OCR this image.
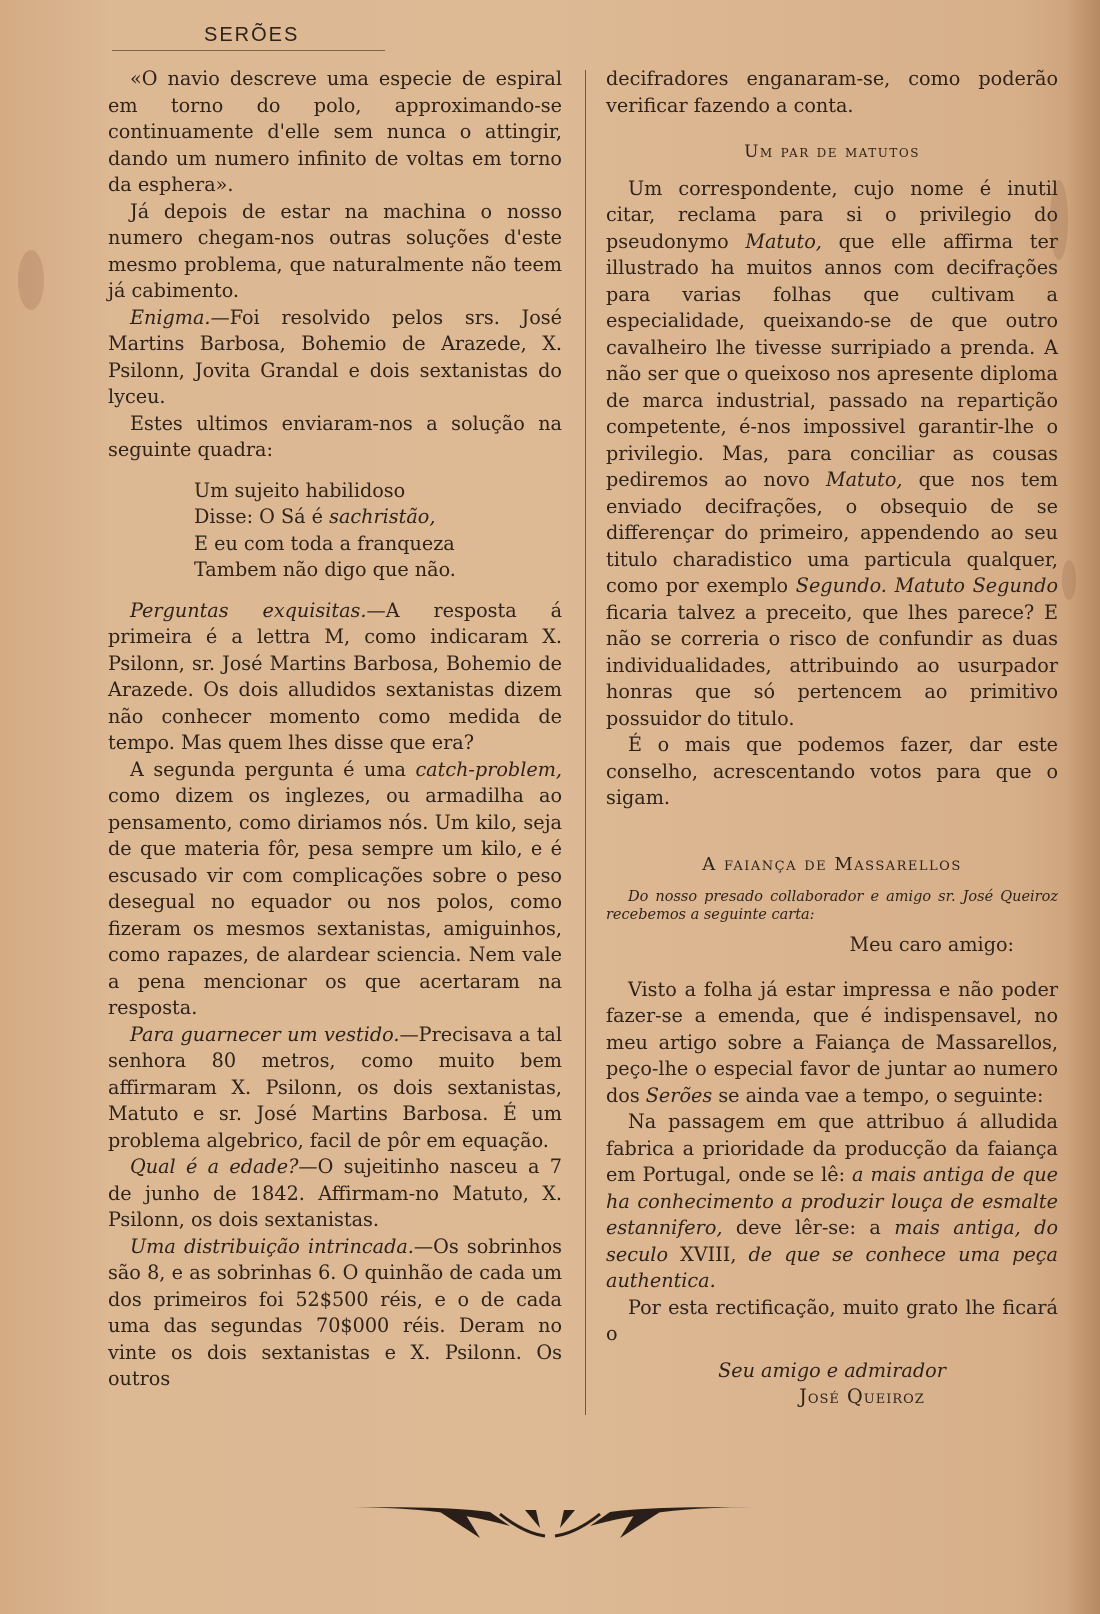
SERÕES

«O navio descreve uma especie de espiral em torno do polo, approximando-se continuamente d'elle sem nunca o attingir, dando um numero infinito de voltas em torno da esphera».

Já depois de estar na machina o nosso numero chegam-nos outras soluções d'este mesmo problema, que naturalmente não teem já cabimento.

Enigma.—Foi resolvido pelos srs. José Martins Barbosa, Bohemio de Arazede, X. Psilonn, Jovita Grandal e dois sextanistas do lyceu.

Estes ultimos enviaram-nos a solução na seguinte quadra:

Um sujeito habilidoso
Disse: O Sá é sachristão,
E eu com toda a franqueza
Tambem não digo que não.

Perguntas exquisitas.—A resposta á primeira é a lettra M, como indicaram X. Psilonn, sr. José Martins Barbosa, Bohemio de Arazede. Os dois alludidos sextanistas dizem não conhecer momento como medida de tempo. Mas quem lhes disse que era?

A segunda pergunta é uma catch-problem, como dizem os inglezes, ou armadilha ao pensamento, como diriamos nós. Um kilo, seja de que materia fôr, pesa sempre um kilo, e é escusado vir com complicações sobre o peso desegual no equador ou nos polos, como fizeram os mesmos sextanistas, amiguinhos, como rapazes, de alardear sciencia. Nem vale a pena mencionar os que acertaram na resposta.

Para guarnecer um vestido.—Precisava a tal senhora 80 metros, como muito bem affirmaram X. Psilonn, os dois sextanistas, Matuto e sr. José Martins Barbosa. É um problema algebrico, facil de pôr em equação.

Qual é a edade?—O sujeitinho nasceu a 7 de junho de 1842. Affirmam-no Matuto, X. Psilonn, os dois sextanistas.

Uma distribuição intrincada.—Os sobrinhos são 8, e as sobrinhas 6. O quinhão de cada um dos primeiros foi 52$500 réis, e o de cada uma das segundas 70$000 réis. Deram no vinte os dois sextanistas e X. Psilonn. Os outros

decifradores enganaram-se, como poderão verificar fazendo a conta.

Um par de matutos

Um correspondente, cujo nome é inutil citar, reclama para si o privilegio do pseudonymo Matuto, que elle affirma ter illustrado ha muitos annos com decifrações para varias folhas que cultivam a especialidade, queixando-se de que outro cavalheiro lhe tivesse surripiado a prenda. A não ser que o queixoso nos apresente diploma de marca industrial, passado na repartição competente, é-nos impossivel garantir-lhe o privilegio. Mas, para conciliar as cousas pediremos ao novo Matuto, que nos tem enviado decifrações, o obsequio de se differençar do primeiro, appendendo ao seu titulo charadistico uma particula qualquer, como por exemplo Segundo. Matuto Segundo ficaria talvez a preceito, que lhes parece? E não se correria o risco de confundir as duas individualidades, attribuindo ao usurpador honras que só pertencem ao primitivo possuidor do titulo.

É o mais que podemos fazer, dar este conselho, acrescentando votos para que o sigam.

A faiança de Massarellos
Do nosso presado collaborador e amigo sr. José Queiroz recebemos a seguinte carta:
Meu caro amigo:

Visto a folha já estar impressa e não poder fazer-se a emenda, que é indispensavel, no meu artigo sobre a Faiança de Massarellos, peço-lhe o especial favor de juntar ao numero dos Serões se ainda vae a tempo, o seguinte:

Na passagem em que attribuo á alludida fabrica a prioridade da producção da faiança em Portugal, onde se lê: a mais antiga de que ha conhecimento a produzir louça de esmalte estannifero, deve lêr-se: a mais antiga, do seculo XVIII, de que se conhece uma peça authentica.

Por esta rectificação, muito grato lhe ficará o

Seu amigo e admirador
José Queiroz
